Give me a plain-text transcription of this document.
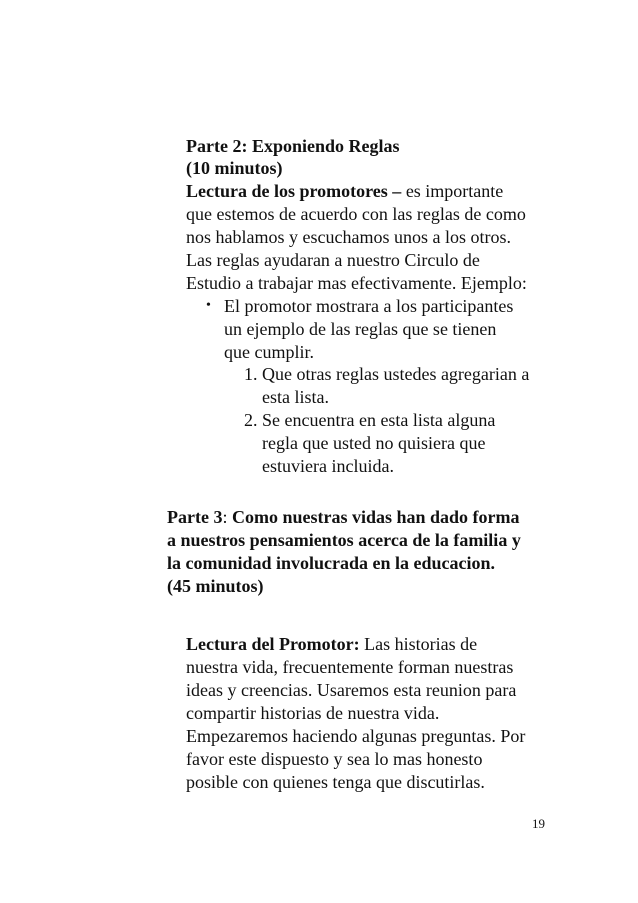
Parte 2: Exponiendo Reglas
(10 minutos)
Lectura de los promotores – es importante
que estemos de acuerdo con las reglas de como
nos hablamos y escuchamos unos a los otros.
Las reglas ayudaran a nuestro Circulo de
Estudio a trabajar mas efectivamente. Ejemplo:
• El promotor mostrara a los participantes
un ejemplo de las reglas que se tienen
que cumplir.
1. Que otras reglas ustedes agregarian a
esta lista.
2. Se encuentra en esta lista alguna
regla que usted no quisiera que
estuviera incluida.
Parte 3: Como nuestras vidas han dado forma
a nuestros pensamientos acerca de la familia y
la comunidad involucrada en la educacion.
(45 minutos)
Lectura del Promotor: Las historias de
nuestra vida, frecuentemente forman nuestras
ideas y creencias. Usaremos esta reunion para
compartir historias de nuestra vida.
Empezaremos haciendo algunas preguntas. Por
favor este dispuesto y sea lo mas honesto
posible con quienes tenga que discutirlas.
19
